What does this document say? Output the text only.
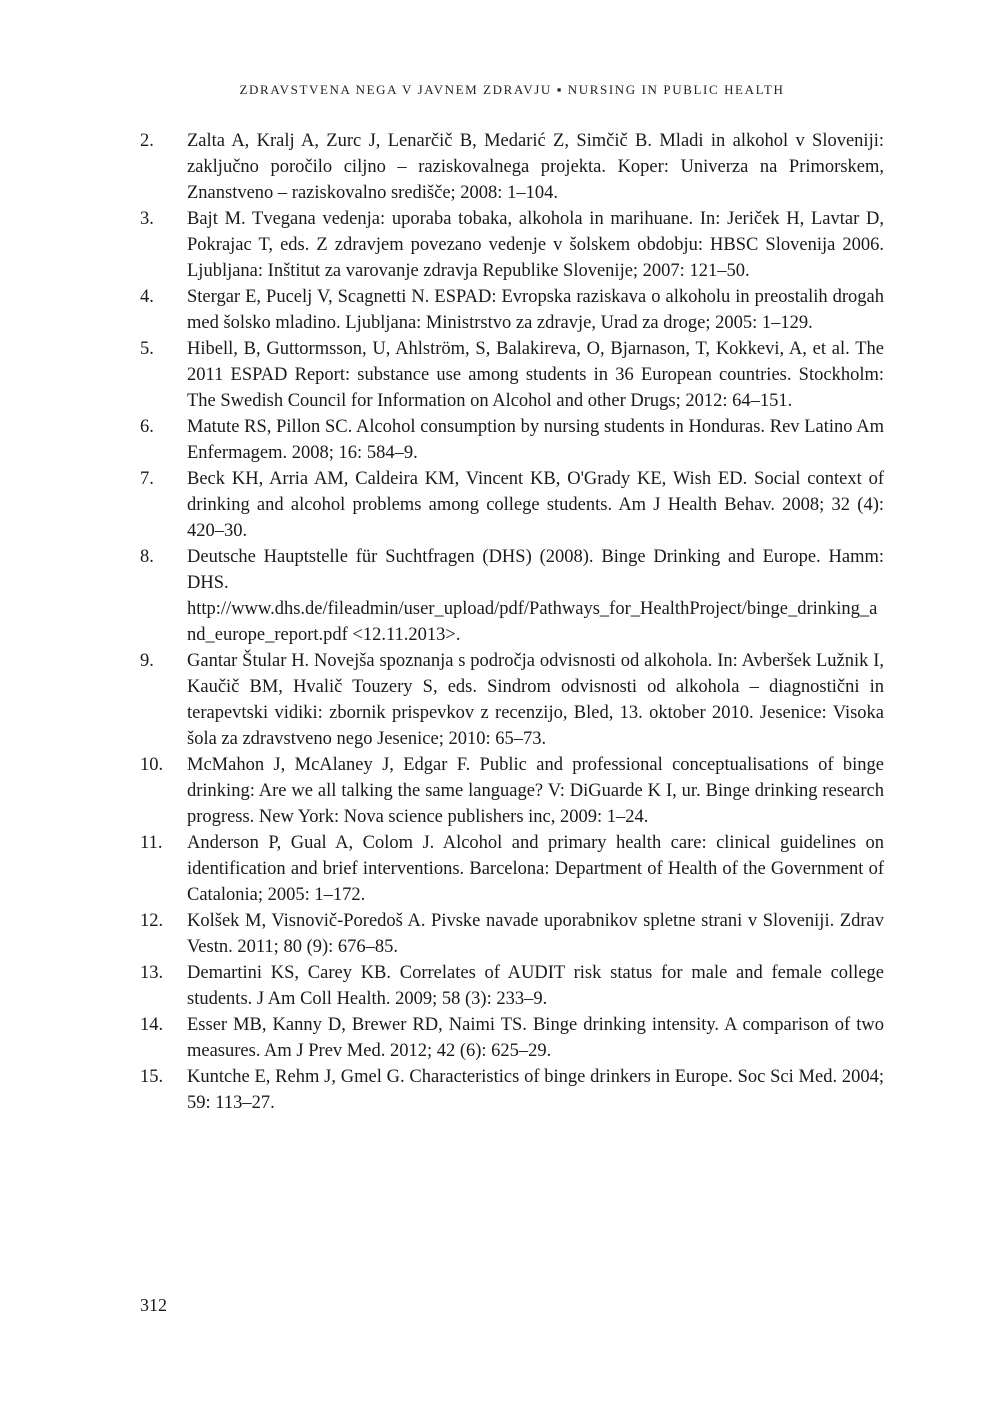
ZDRAVSTVENA NEGA V JAVNEM ZDRAVJU ▪ NURSING IN PUBLIC HEALTH
2.	Zalta A, Kralj A, Zurc J, Lenarčič B, Medarić Z, Simčič B. Mladi in alkohol v Sloveniji: zaključno poročilo ciljno – raziskovalnega projekta. Koper: Univerza na Primorskem, Znanstveno – raziskovalno središče; 2008: 1–104.
3.	Bajt M. Tvegana vedenja: uporaba tobaka, alkohola in marihuane. In: Jeriček H, Lavtar D, Pokrajac T, eds. Z zdravjem povezano vedenje v šolskem obdobju: HBSC Slovenija 2006. Ljubljana: Inštitut za varovanje zdravja Republike Slovenije; 2007: 121–50.
4.	Stergar E, Pucelj V, Scagnetti N. ESPAD: Evropska raziskava o alkoholu in preostalih drogah med šolsko mladino. Ljubljana: Ministrstvo za zdravje, Urad za droge; 2005: 1–129.
5.	Hibell, B, Guttormsson, U, Ahlström, S, Balakireva, O, Bjarnason, T, Kokkevi, A, et al. The 2011 ESPAD Report: substance use among students in 36 European countries. Stockholm: The Swedish Council for Information on Alcohol and other Drugs; 2012: 64–151.
6.	Matute RS, Pillon SC. Alcohol consumption by nursing students in Honduras. Rev Latino Am Enfermagem. 2008; 16: 584–9.
7.	Beck KH, Arria AM, Caldeira KM, Vincent KB, O'Grady KE, Wish ED. Social context of drinking and alcohol problems among college students. Am J Health Behav. 2008; 32 (4): 420–30.
8.	Deutsche Hauptstelle für Suchtfragen (DHS) (2008). Binge Drinking and Europe. Hamm: DHS. http://www.dhs.de/fileadmin/user_upload/pdf/Pathways_for_HealthProject/binge_drinking_and_europe_report.pdf <12.11.2013>.
9.	Gantar Štular H. Novejša spoznanja s področja odvisnosti od alkohola. In: Avberšek Lužnik I, Kaučič BM, Hvalič Touzery S, eds. Sindrom odvisnosti od alkohola – diagnostični in terapevtski vidiki: zbornik prispevkov z recenzijo, Bled, 13. oktober 2010. Jesenice: Visoka šola za zdravstveno nego Jesenice; 2010: 65–73.
10.	McMahon J, McAlaney J, Edgar F. Public and professional conceptualisations of binge drinking: Are we all talking the same language? V: DiGuarde K I, ur. Binge drinking research progress. New York: Nova science publishers inc, 2009: 1–24.
11.	Anderson P, Gual A, Colom J. Alcohol and primary health care: clinical guidelines on identification and brief interventions. Barcelona: Department of Health of the Government of Catalonia; 2005: 1–172.
12.	Kolšek M, Visnovič-Poredoš A. Pivske navade uporabnikov spletne strani v Sloveniji. Zdrav Vestn. 2011; 80 (9): 676–85.
13.	Demartini KS, Carey KB. Correlates of AUDIT risk status for male and female college students. J Am Coll Health. 2009; 58 (3): 233–9.
14.	Esser MB, Kanny D, Brewer RD, Naimi TS. Binge drinking intensity. A comparison of two measures. Am J Prev Med. 2012; 42 (6): 625–29.
15.	Kuntche E, Rehm J, Gmel G. Characteristics of binge drinkers in Europe. Soc Sci Med. 2004; 59: 113–27.
312
